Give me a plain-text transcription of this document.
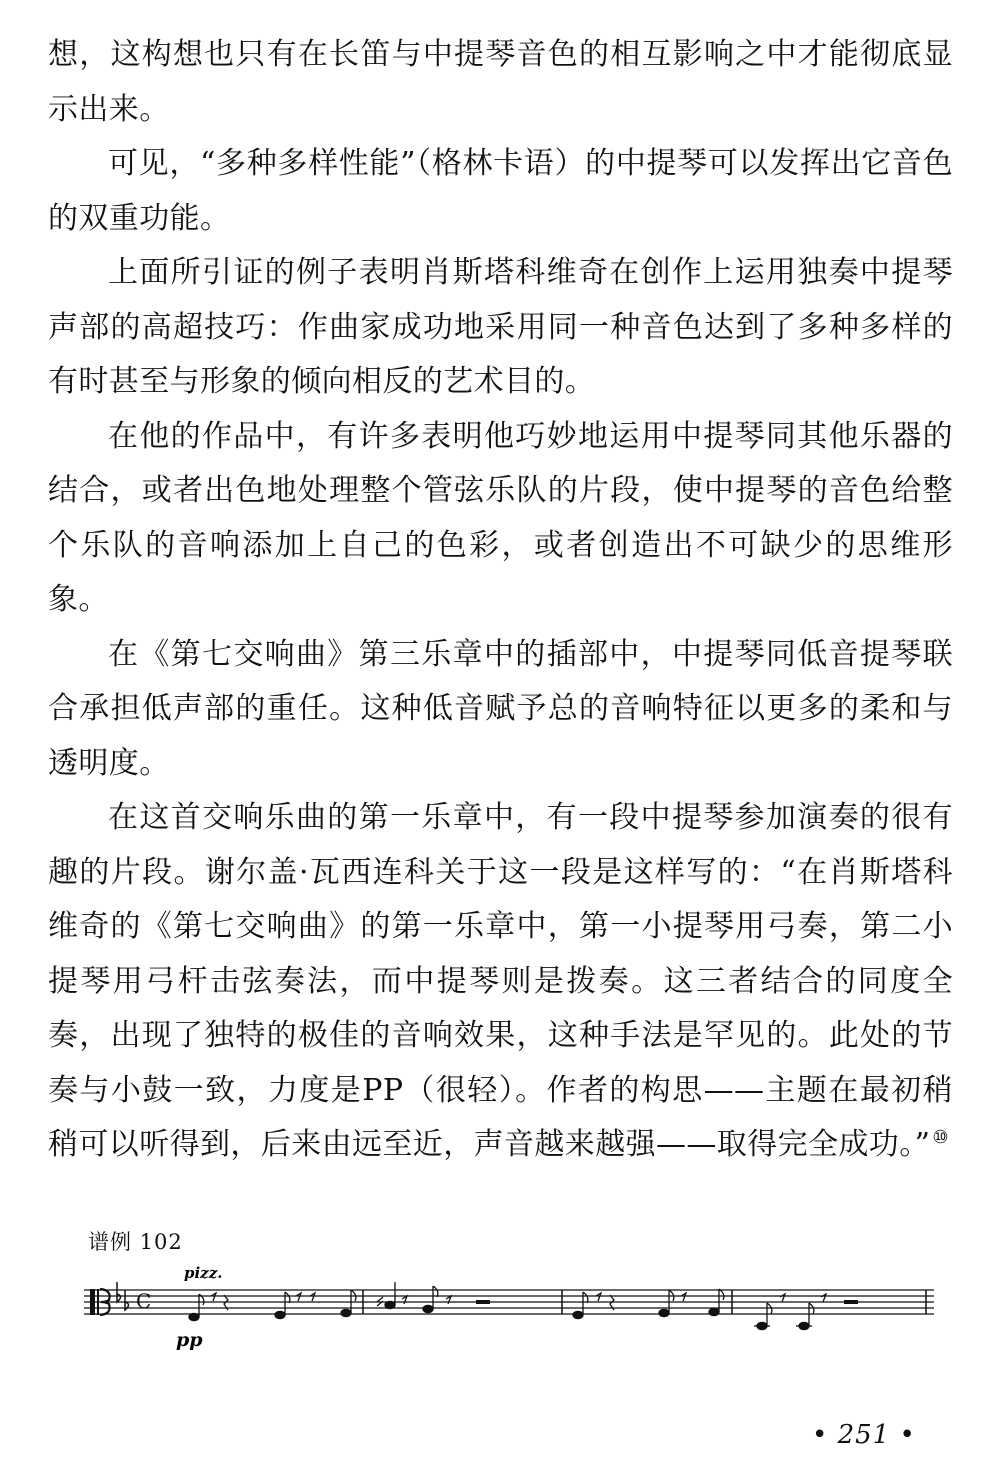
想，这构想也只有在长笛与中提琴音色的相互影响之中才能彻底显示出来。

可见，“多种多样性能”（格林卡语）的中提琴可以发挥出它音色的双重功能。

上面所引证的例子表明肖斯塔科维奇在创作上运用独奏中提琴声部的高超技巧：作曲家成功地采用同一种音色达到了多种多样的有时甚至与形象的倾向相反的艺术目的。

在他的作品中，有许多表明他巧妙地运用中提琴同其他乐器的结合，或者出色地处理整个管弦乐队的片段，使中提琴的音色给整个乐队的音响添加上自己的色彩，或者创造出不可缺少的思维形象。

在《第七交响曲》第三乐章中的插部中，中提琴同低音提琴联合承担低声部的重任。这种低音赋予总的音响特征以更多的柔和与透明度。

在这首交响乐曲的第一乐章中，有一段中提琴参加演奏的很有趣的片段。谢尔盖·瓦西连科关于这一段是这样写的：“在肖斯塔科维奇的《第七交响曲》的第一乐章中，第一小提琴用弓奏，第二小提琴用弓杆击弦奏法，而中提琴则是拨奏。这三者结合的同度全奏，出现了独特的极佳的音响效果，这种手法是罕见的。此处的节奏与小鼓一致，力度是PP（很轻）。作者的构思——主题在最初稍稍可以听得到，后来由远至近，声音越来越强——取得完全成功。” ⑩

谱例 102
pizz.
pp
C
• 251 •
